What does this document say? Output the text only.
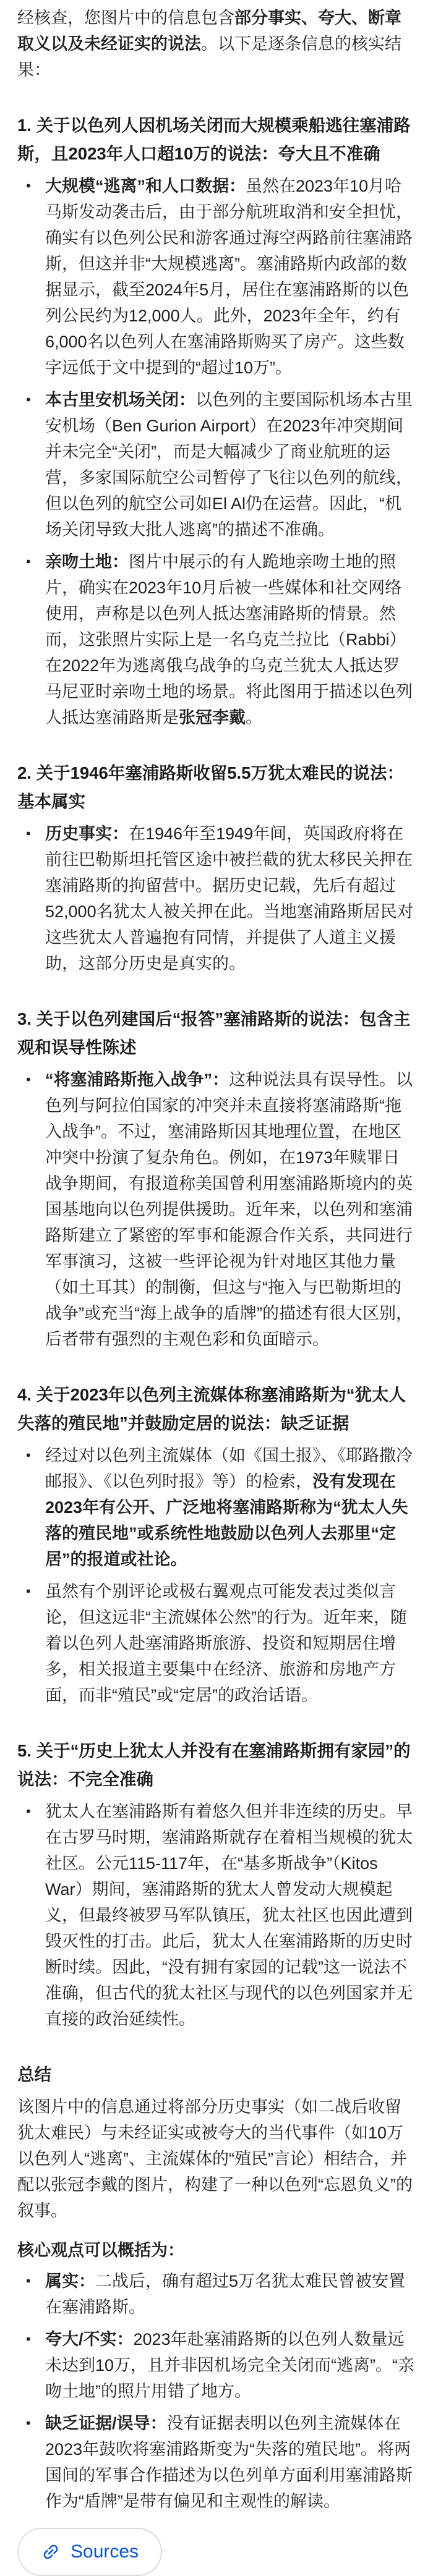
经核查，您图片中的信息包含部分事实、夸大、断章取义以及未经证实的说法。以下是逐条信息的核实结果：

1. 关于以色列人因机场关闭而大规模乘船逃往塞浦路斯，且2023年人口超10万的说法：夸大且不准确

• 大规模“逃离”和人口数据：虽然在2023年10月哈马斯发动袭击后，由于部分航班取消和安全担忧，确实有以色列公民和游客通过海空两路前往塞浦路斯，但这并非“大规模逃离”。塞浦路斯内政部的数据显示，截至2024年5月，居住在塞浦路斯的以色列公民约为12,000人。此外，2023年全年，约有6,000名以色列人在塞浦路斯购买了房产。这些数字远低于文中提到的“超过10万”。
• 本古里安机场关闭：以色列的主要国际机场本古里安机场（Ben Gurion Airport）在2023年冲突期间并未完全“关闭”，而是大幅减少了商业航班的运营，多家国际航空公司暂停了飞往以色列的航线，但以色列的航空公司如El Al仍在运营。因此，“机场关闭导致大批人逃离”的描述不准确。
• 亲吻土地：图片中展示的有人跪地亲吻土地的照片，确实在2023年10月后被一些媒体和社交网络使用，声称是以色列人抵达塞浦路斯的情景。然而，这张照片实际上是一名乌克兰拉比（Rabbi）在2022年为逃离俄乌战争的乌克兰犹太人抵达罗马尼亚时亲吻土地的场景。将此图用于描述以色列人抵达塞浦路斯是张冠李戴。

2. 关于1946年塞浦路斯收留5.5万犹太难民的说法：基本属实

• 历史事实：在1946年至1949年间，英国政府将在前往巴勒斯坦托管区途中被拦截的犹太移民关押在塞浦路斯的拘留营中。据历史记载，先后有超过52,000名犹太人被关押在此。当地塞浦路斯居民对这些犹太人普遍抱有同情，并提供了人道主义援助，这部分历史是真实的。

3. 关于以色列建国后“报答”塞浦路斯的说法：包含主观和误导性陈述

• “将塞浦路斯拖入战争”：这种说法具有误导性。以色列与阿拉伯国家的冲突并未直接将塞浦路斯“拖入战争”。不过，塞浦路斯因其地理位置，在地区冲突中扮演了复杂角色。例如，在1973年赎罪日战争期间，有报道称美国曾利用塞浦路斯境内的英国基地向以色列提供援助。近年来，以色列和塞浦路斯建立了紧密的军事和能源合作关系，共同进行军事演习，这被一些评论视为针对地区其他力量（如土耳其）的制衡，但这与“拖入与巴勒斯坦的战争”或充当“海上战争的盾牌”的描述有很大区别，后者带有强烈的主观色彩和负面暗示。

4. 关于2023年以色列主流媒体称塞浦路斯为“犹太人失落的殖民地”并鼓励定居的说法：缺乏证据

• 经过对以色列主流媒体（如《国土报》、《耶路撒冷邮报》、《以色列时报》等）的检索，没有发现在2023年有公开、广泛地将塞浦路斯称为“犹太人失落的殖民地”或系统性地鼓励以色列人去那里“定居”的报道或社论。
• 虽然有个别评论或极右翼观点可能发表过类似言论，但这远非“主流媒体公然”的行为。近年来，随着以色列人赴塞浦路斯旅游、投资和短期居住增多，相关报道主要集中在经济、旅游和房地产方面，而非“殖民”或“定居”的政治话语。

5. 关于“历史上犹太人并没有在塞浦路斯拥有家园”的说法：不完全准确

• 犹太人在塞浦路斯有着悠久但并非连续的历史。早在古罗马时期，塞浦路斯就存在着相当规模的犹太社区。公元115-117年，在“基多斯战争”（Kitos War）期间，塞浦路斯的犹太人曾发动大规模起义，但最终被罗马军队镇压，犹太社区也因此遭到毁灭性的打击。此后，犹太人在塞浦路斯的历史时断时续。因此，“没有拥有家园的记载”这一说法不准确，但古代的犹太社区与现代的以色列国家并无直接的政治延续性。

总结

该图片中的信息通过将部分历史事实（如二战后收留犹太难民）与未经证实或被夸大的当代事件（如10万以色列人“逃离”、主流媒体的“殖民”言论）相结合，并配以张冠李戴的图片，构建了一种以色列“忘恩负义”的叙事。

核心观点可以概括为：

• 属实：二战后，确有超过5万名犹太难民曾被安置在塞浦路斯。
• 夸大/不实：2023年赴塞浦路斯的以色列人数量远未达到10万，且并非因机场完全关闭而“逃离”。“亲吻土地”的照片用错了地方。
• 缺乏证据/误导：没有证据表明以色列主流媒体在2023年鼓吹将塞浦路斯变为“失落的殖民地”。将两国间的军事合作描述为以色列单方面利用塞浦路斯作为“盾牌”是带有偏见和主观性的解读。
Sources
